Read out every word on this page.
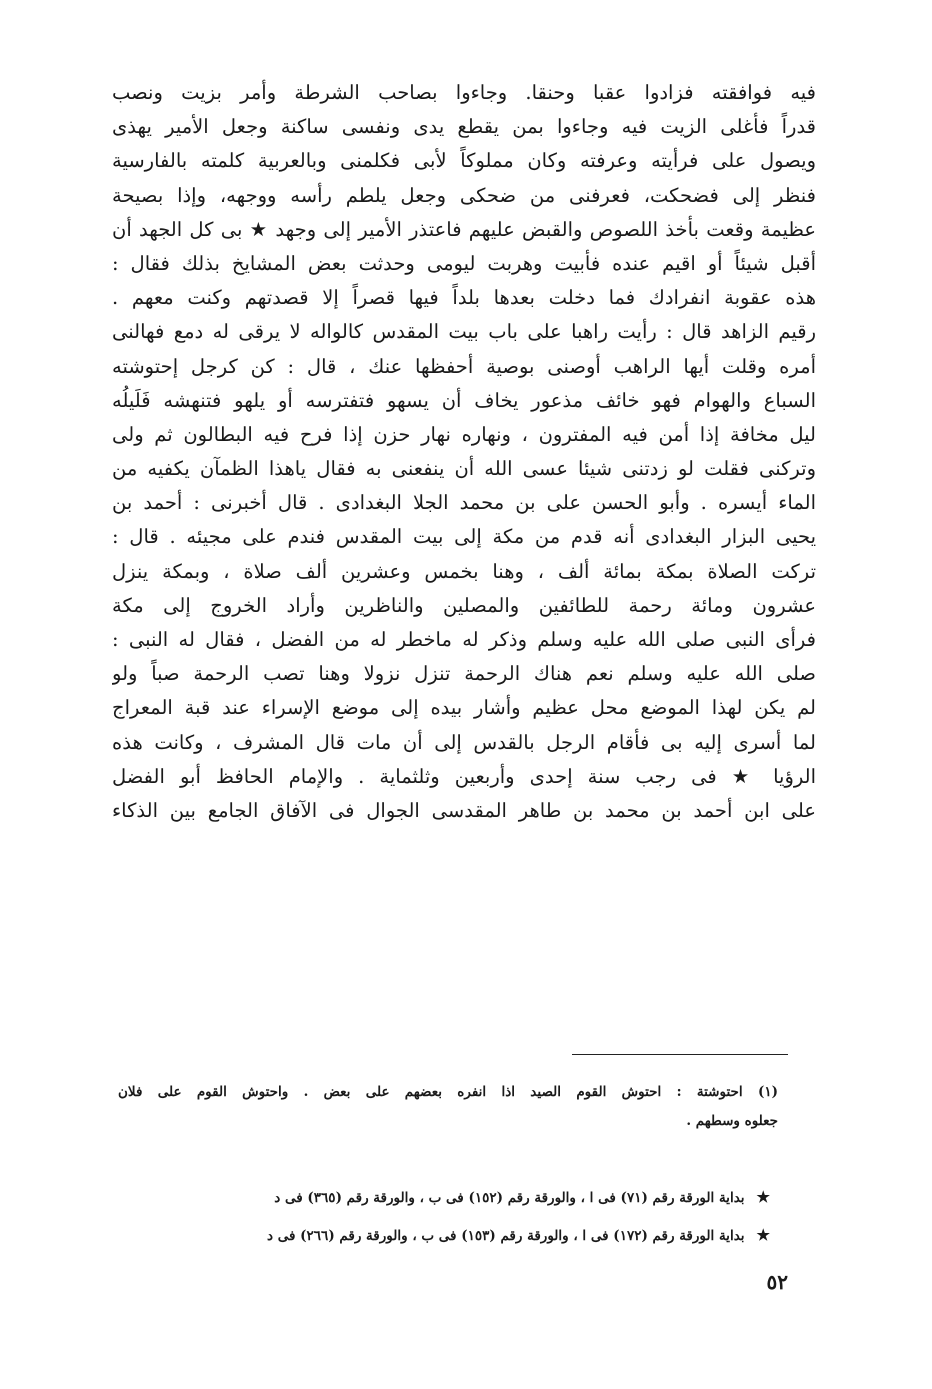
فيه فوافقته فزادوا عقبا وحنقا. وجاءوا بصاحب الشرطة وأمر بزيت ونصب
قدراً فأغلى الزيت فيه وجاءوا بمن يقطع يدى ونفسى ساكنة وجعل الأمير يهذى
ويصول على فرأيته وعرفته وكان مملوكاً لأبى فكلمنى وبالعربية كلمته بالفارسية
فنظر إلى فضحكت، فعرفنى من ضحكى وجعل يلطم رأسه ووجهه، وإذا بصيحة
عظيمة وقعت بأخذ اللصوص والقبض عليهم فاعتذر الأمير إلى وجهد ★ بى كل الجهد أن
أقبل شيئاً أو اقيم عنده فأبيت وهربت ليومى وحدثت بعض المشايخ بذلك فقال :
هذه عقوبة انفرادك فما دخلت بعدها بلداً فيها قصراً إلا قصدتهم وكنت معهم .
رقيم الزاهد قال : رأيت راهبا على باب بيت المقدس كالواله لا يرقى له دمع فهالنى
أمره وقلت أيها الراهب أوصنى بوصية أحفظها عنك ، قال : كن كرجل إحتوشته
السباع والهوام فهو خائف مذعور يخاف أن يسهو فتفترسه أو يلهو فتنهشه فَلَيلُه
ليل مخافة إذا أمن فيه المفترون ، ونهاره نهار حزن إذا فرح فيه البطالون ثم ولى
وتركنى فقلت لو زدتنى شيئا عسى الله أن ينفعنى به فقال ياهذا الظمآن يكفيه من
الماء أيسره . وأبو الحسن على بن محمد الجلا البغدادى . قال أخبرنى : أحمد بن
يحيى البزار البغدادى أنه قدم من مكة إلى بيت المقدس فندم على مجيئه . قال :
تركت الصلاة بمكة بمائة ألف ، وهنا بخمس وعشرين ألف صلاة ، وبمكة ينزل
عشرون ومائة رحمة للطائفين والمصلين والناظرين وأراد الخروج إلى مكة
فرأى النبى صلى الله عليه وسلم وذكر له ماخطر له من الفضل ، فقال له النبى :
صلى الله عليه وسلم نعم هناك الرحمة تنزل نزولا وهنا تصب الرحمة صباً ولو
لم يكن لهذا الموضع محل عظيم وأشار بيده إلى موضع الإسراء عند قبة المعراج
لما أسرى إليه بى فأقام الرجل بالقدس إلى أن مات قال المشرف ، وكانت هذه
الرؤيا ★ فى رجب سنة إحدى وأربعين وثلثماية . والإمام الحافظ أبو الفضل
على ابن أحمد بن محمد بن طاهر المقدسى الجوال فى الآفاق الجامع بين الذكاء
(١) احتوشتة : احتوش القوم الصيد اذا انفره بعضهم على بعض . واحتوش القوم على فلان
جعلوه وسطهم .
★بداية الورقة رقم (٧١) فى ا ، والورقة رقم (١٥٢) فى ب ، والورقة رقم (٣٦٥) فى د
★بداية الورقة رقم (١٧٢) فى ا ، والورقة رقم (١٥٣) فى ب ، والورقة رقم (٢٦٦) فى د
٥٢
